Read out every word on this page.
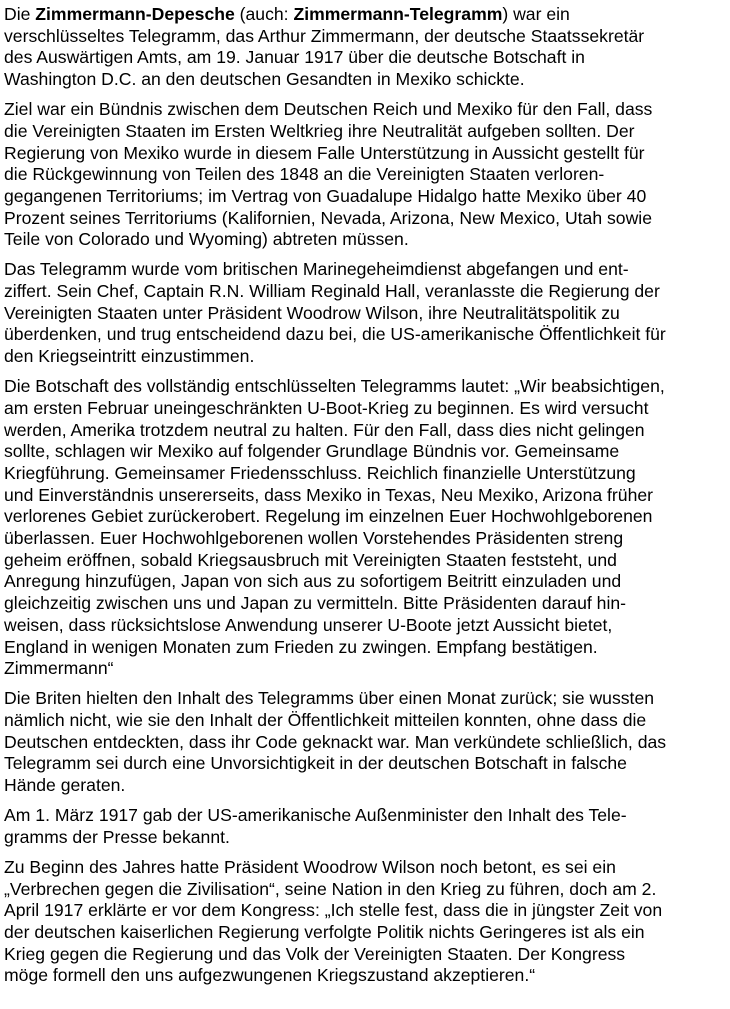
Die Zimmermann-Depesche (auch: Zimmermann-Telegramm) war ein
verschlüsseltes Telegramm, das Arthur Zimmermann, der deutsche Staatssekretär
des Auswärtigen Amts, am 19. Januar 1917 über die deutsche Botschaft in
Washington D.C. an den deutschen Gesandten in Mexiko schickte.

Ziel war ein Bündnis zwischen dem Deutschen Reich und Mexiko für den Fall, dass
die Vereinigten Staaten im Ersten Weltkrieg ihre Neutralität aufgeben sollten. Der
Regierung von Mexiko wurde in diesem Falle Unterstützung in Aussicht gestellt für
die Rückgewinnung von Teilen des 1848 an die Vereinigten Staaten verloren-
gegangenen Territoriums; im Vertrag von Guadalupe Hidalgo hatte Mexiko über 40
Prozent seines Territoriums (Kalifornien, Nevada, Arizona, New Mexico, Utah sowie
Teile von Colorado und Wyoming) abtreten müssen.

Das Telegramm wurde vom britischen Marinegeheimdienst abgefangen und ent-
ziffert. Sein Chef, Captain R.N. William Reginald Hall, veranlasste die Regierung der
Vereinigten Staaten unter Präsident Woodrow Wilson, ihre Neutralitätspolitik zu
überdenken, und trug entscheidend dazu bei, die US-amerikanische Öffentlichkeit für
den Kriegseintritt einzustimmen.

Die Botschaft des vollständig entschlüsselten Telegramms lautet: „Wir beabsichtigen,
am ersten Februar uneingeschränkten U-Boot-Krieg zu beginnen. Es wird versucht
werden, Amerika trotzdem neutral zu halten. Für den Fall, dass dies nicht gelingen
sollte, schlagen wir Mexiko auf folgender Grundlage Bündnis vor. Gemeinsame
Kriegführung. Gemeinsamer Friedensschluss. Reichlich finanzielle Unterstützung
und Einverständnis unsererseits, dass Mexiko in Texas, Neu Mexiko, Arizona früher
verlorenes Gebiet zurückerobert. Regelung im einzelnen Euer Hochwohlgeborenen
überlassen. Euer Hochwohlgeborenen wollen Vorstehendes Präsidenten streng
geheim eröffnen, sobald Kriegsausbruch mit Vereinigten Staaten feststeht, und
Anregung hinzufügen, Japan von sich aus zu sofortigem Beitritt einzuladen und
gleichzeitig zwischen uns und Japan zu vermitteln. Bitte Präsidenten darauf hin-
weisen, dass rücksichtslose Anwendung unserer U-Boote jetzt Aussicht bietet,
England in wenigen Monaten zum Frieden zu zwingen. Empfang bestätigen.
Zimmermann“

Die Briten hielten den Inhalt des Telegramms über einen Monat zurück; sie wussten
nämlich nicht, wie sie den Inhalt der Öffentlichkeit mitteilen konnten, ohne dass die
Deutschen entdeckten, dass ihr Code geknackt war. Man verkündete schließlich, das
Telegramm sei durch eine Unvorsichtigkeit in der deutschen Botschaft in falsche
Hände geraten.

Am 1. März 1917 gab der US-amerikanische Außenminister den Inhalt des Tele-
gramms der Presse bekannt.

Zu Beginn des Jahres hatte Präsident Woodrow Wilson noch betont, es sei ein
„Verbrechen gegen die Zivilisation“, seine Nation in den Krieg zu führen, doch am 2.
April 1917 erklärte er vor dem Kongress: „Ich stelle fest, dass die in jüngster Zeit von
der deutschen kaiserlichen Regierung verfolgte Politik nichts Geringeres ist als ein
Krieg gegen die Regierung und das Volk der Vereinigten Staaten. Der Kongress
möge formell den uns aufgezwungenen Kriegszustand akzeptieren.“
